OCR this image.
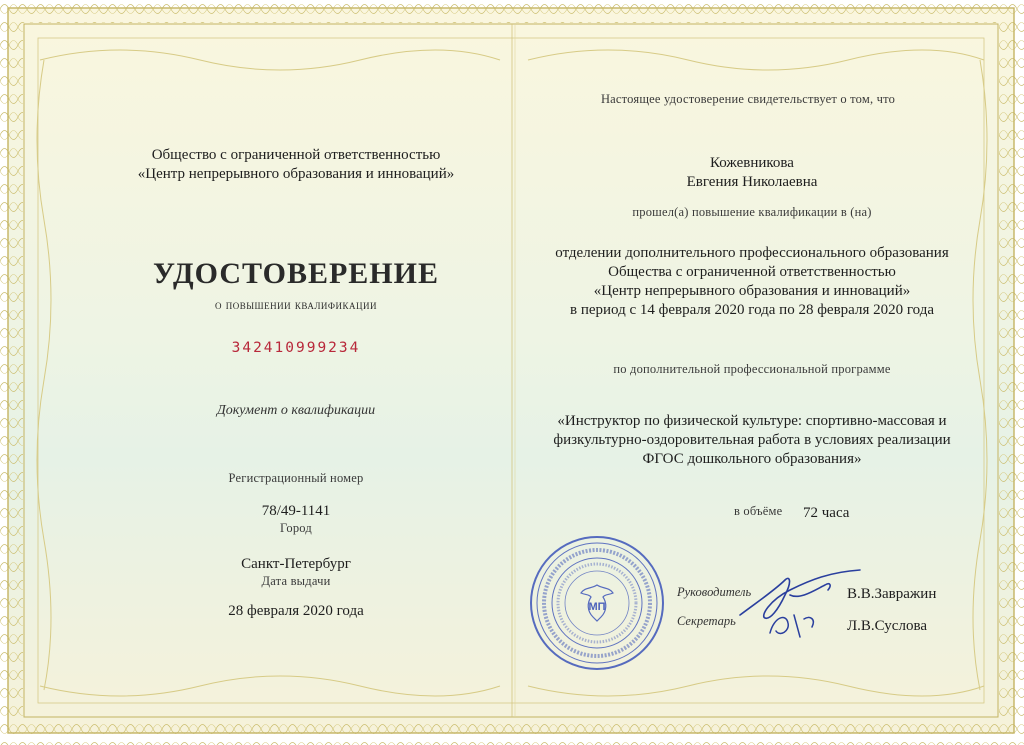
Общество с ограниченной ответственностью
«Центр непрерывного образования и инноваций»
УДОСТОВЕРЕНИЕ
о повышении квалификации
342410999234
Документ о квалификации
Регистрационный номер
78/49-1141
Город
Санкт-Петербург
Дата выдачи
28 февраля 2020 года
Настоящее удостоверение свидетельствует о том, что
Кожевникова
Евгения Николаевна
прошел(а) повышение квалификации в (на)
отделении дополнительного профессионального образования
Общества с ограниченной ответственностью
«Центр непрерывного образования и инноваций»
в период с 14 февраля 2020 года по 28 февраля 2020 года
по дополнительной профессиональной программе
«Инструктор по физической культуре: спортивно-массовая и
физкультурно-оздоровительная работа в условиях реализации
ФГОС дошкольного образования»
в объёме 72 часа
Руководитель	В.В.Завражин
Секретарь	Л.В.Суслова
МП
